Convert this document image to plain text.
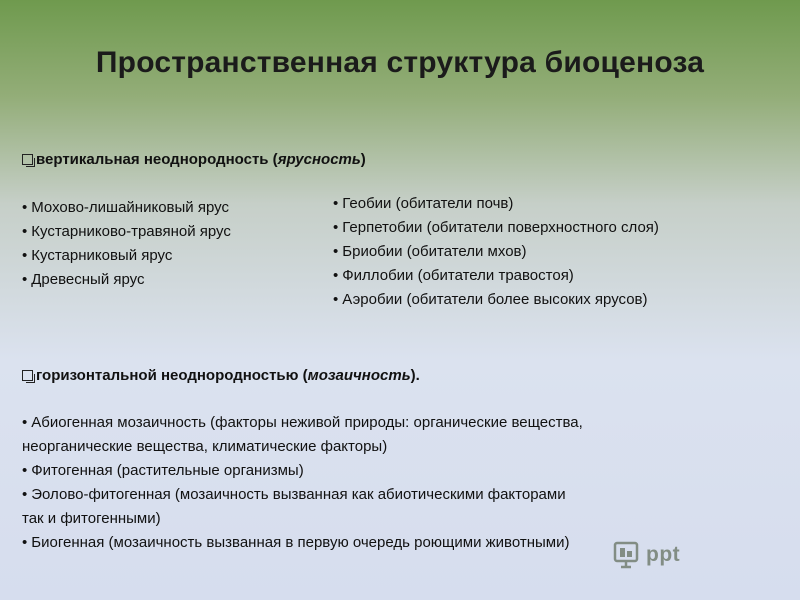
Пространственная структура биоценоза
вертикальная неоднородность ( ярусность )
• Мохово-лишайниковый ярус
• Кустарниково-травяной ярус
• Кустарниковый ярус
• Древесный ярус
• Геобии (обитатели почв)
• Герпетобии (обитатели поверхностного слоя)
• Бриобии (обитатели мхов)
• Филлобии (обитатели травостоя)
• Аэробии (обитатели более высоких ярусов)
горизонтальной неоднородностью ( мозаичность ).
• Абиогенная мозаичность (факторы неживой природы: органические вещества,
неорганические вещества, климатические факторы)
• Фитогенная (растительные организмы)
• Эолово-фитогенная (мозаичность вызванная как абиотическими факторами
так и фитогенными)
• Биогенная (мозаичность вызванная в первую очередь роющими животными)
ppt
